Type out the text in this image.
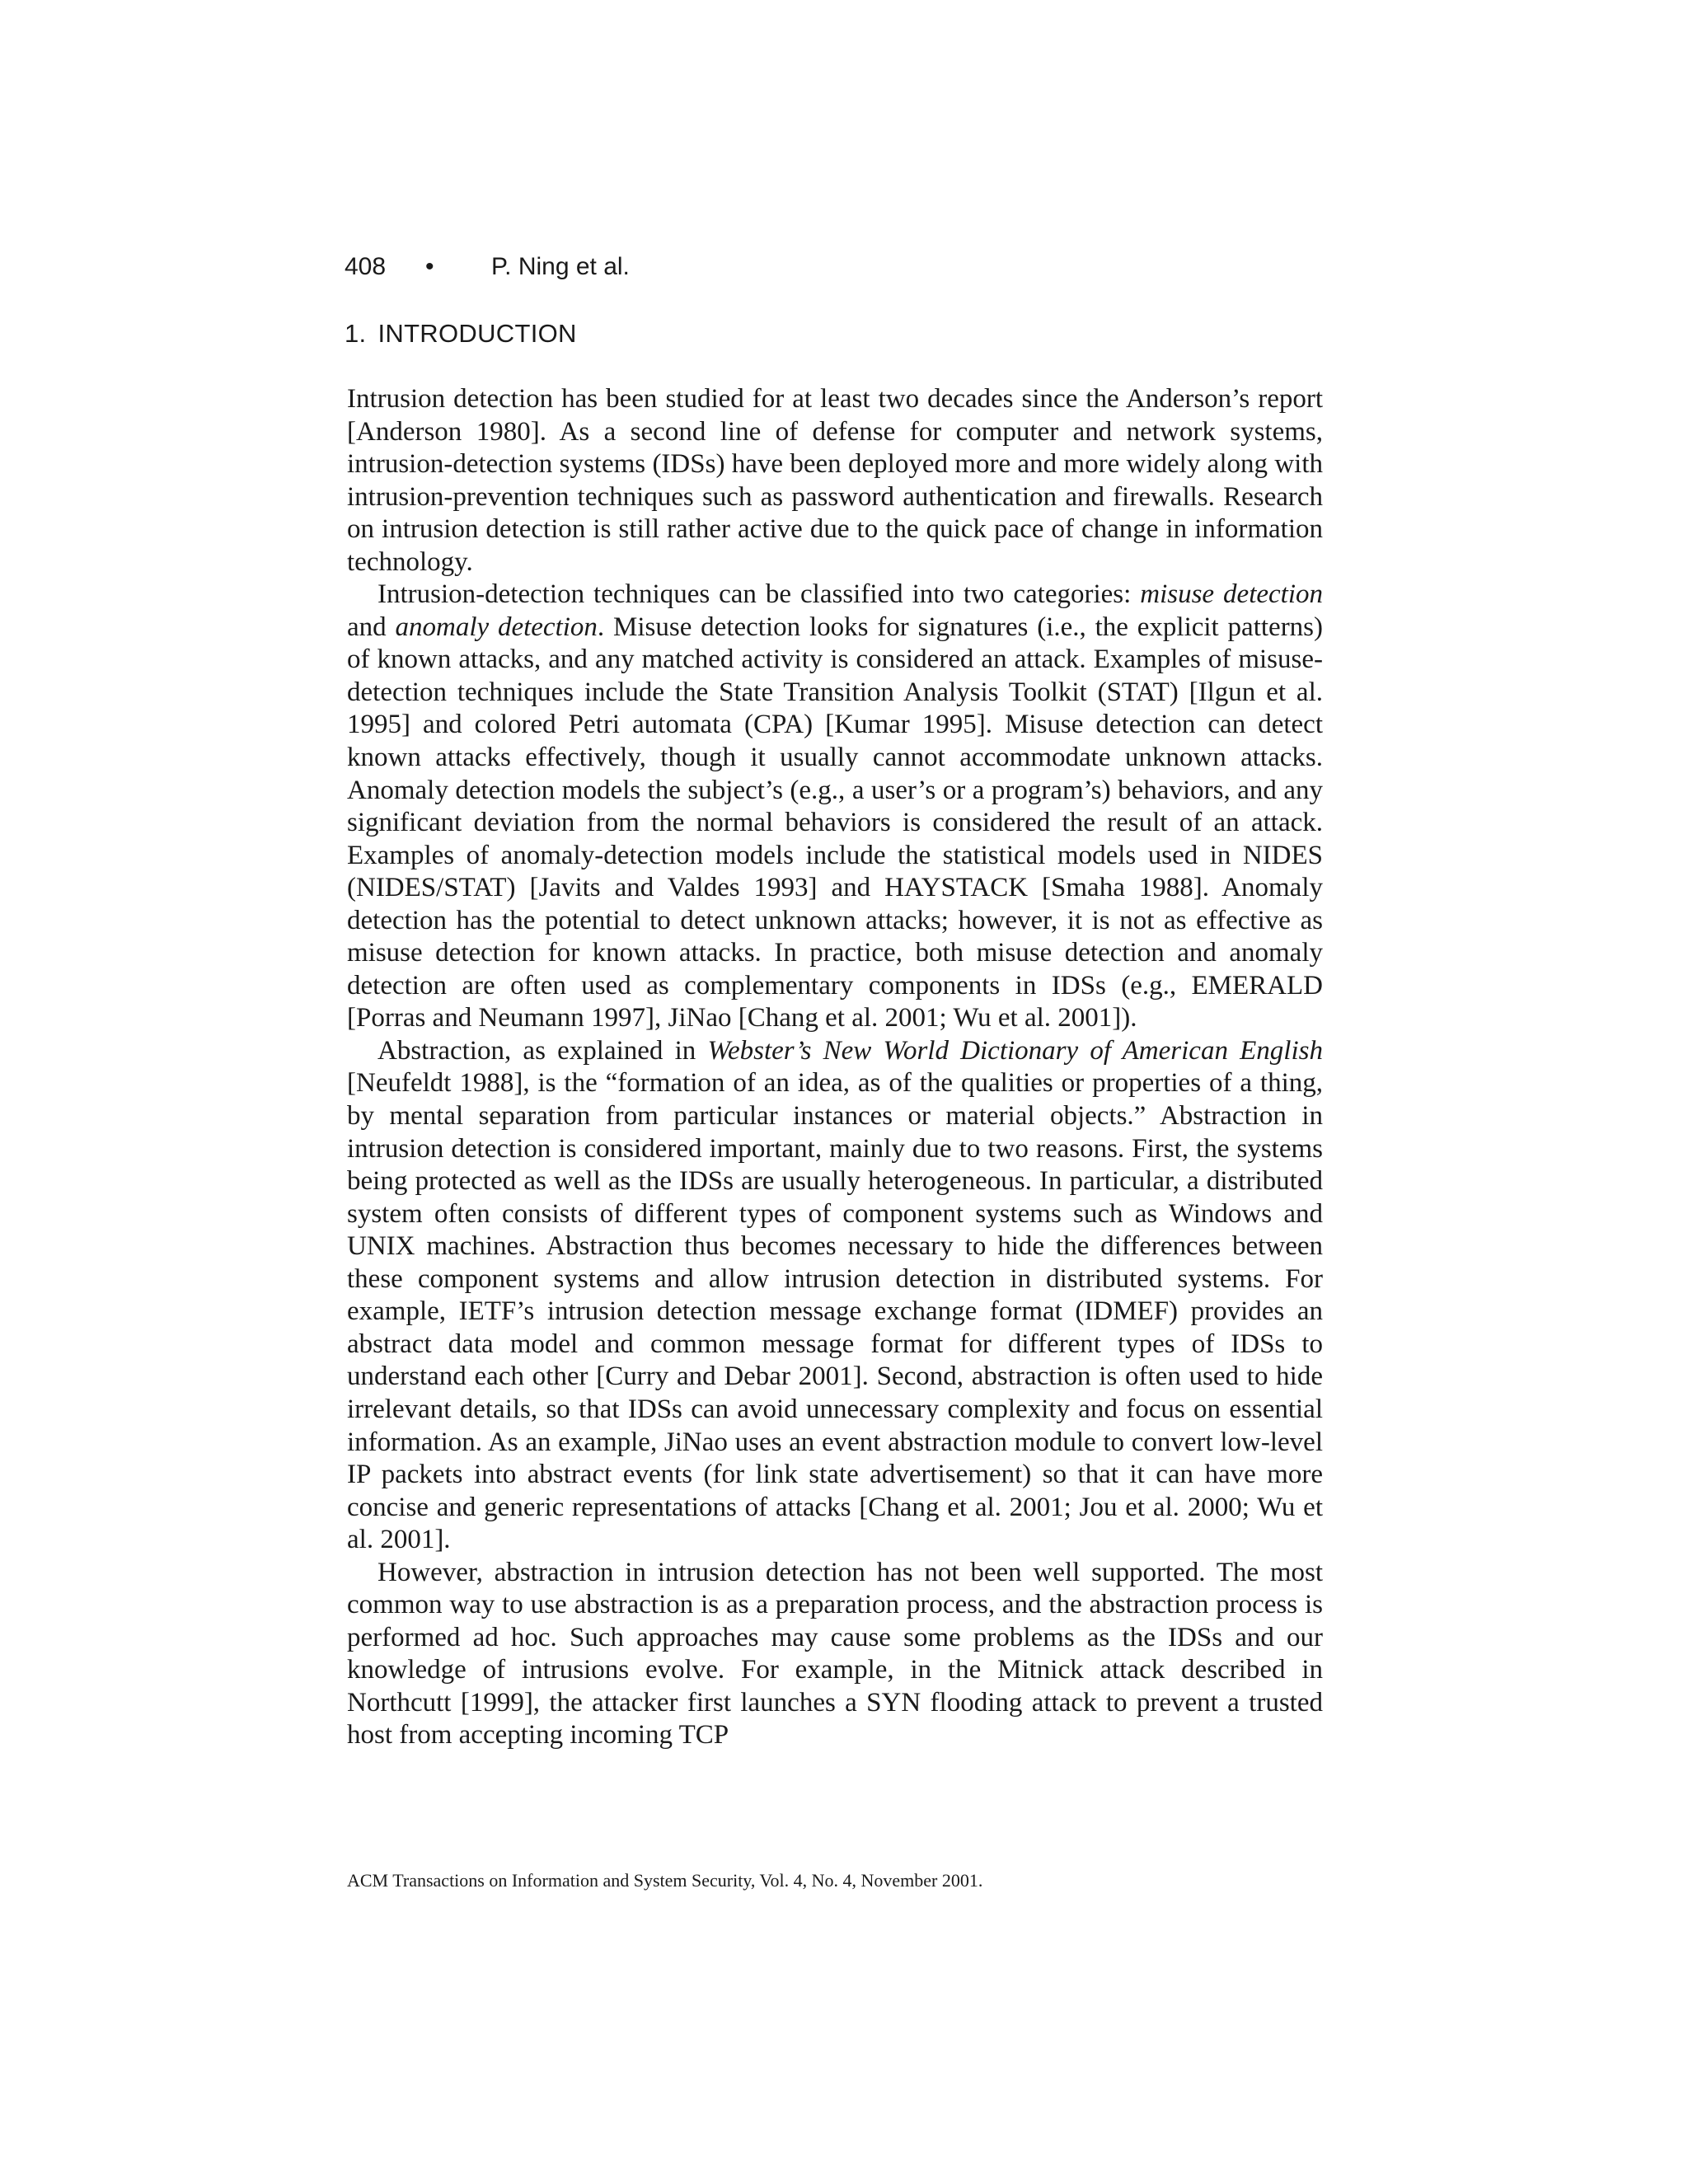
408 • P. Ning et al.
1. INTRODUCTION

Intrusion detection has been studied for at least two decades since the Anderson’s report [Anderson 1980]. As a second line of defense for computer and network systems, intrusion-detection systems (IDSs) have been deployed more and more widely along with intrusion-prevention techniques such as password authentication and firewalls. Research on intrusion detection is still rather active due to the quick pace of change in information technology.

Intrusion-detection techniques can be classified into two categories: misuse detection and anomaly detection. Misuse detection looks for signatures (i.e., the explicit patterns) of known attacks, and any matched activity is considered an attack. Examples of misuse-detection techniques include the State Transition Analysis Toolkit (STAT) [Ilgun et al. 1995] and colored Petri automata (CPA) [Kumar 1995]. Misuse detection can detect known attacks effectively, though it usually cannot accommodate unknown attacks. Anomaly detection models the subject’s (e.g., a user’s or a program’s) behaviors, and any significant deviation from the normal behaviors is considered the result of an attack. Examples of anomaly-detection models include the statistical models used in NIDES (NIDES/STAT) [Javits and Valdes 1993] and HAYSTACK [Smaha 1988]. Anomaly detection has the potential to detect unknown attacks; however, it is not as effective as misuse detection for known attacks. In practice, both misuse detection and anomaly detection are often used as complementary components in IDSs (e.g., EMERALD [Porras and Neumann 1997], JiNao [Chang et al. 2001; Wu et al. 2001]).

Abstraction, as explained in Webster’s New World Dictionary of American English [Neufeldt 1988], is the “formation of an idea, as of the qualities or properties of a thing, by mental separation from particular instances or material objects.” Abstraction in intrusion detection is considered important, mainly due to two reasons. First, the systems being protected as well as the IDSs are usually heterogeneous. In particular, a distributed system often consists of different types of component systems such as Windows and UNIX machines. Abstraction thus becomes necessary to hide the differences between these component systems and allow intrusion detection in distributed systems. For example, IETF’s intrusion detection message exchange format (IDMEF) provides an abstract data model and common message format for different types of IDSs to understand each other [Curry and Debar 2001]. Second, abstraction is often used to hide irrelevant details, so that IDSs can avoid unnecessary complexity and focus on essential information. As an example, JiNao uses an event abstraction module to convert low-level IP packets into abstract events (for link state advertisement) so that it can have more concise and generic representations of attacks [Chang et al. 2001; Jou et al. 2000; Wu et al. 2001].

However, abstraction in intrusion detection has not been well supported. The most common way to use abstraction is as a preparation process, and the abstraction process is performed ad hoc. Such approaches may cause some problems as the IDSs and our knowledge of intrusions evolve. For example, in the Mitnick attack described in Northcutt [1999], the attacker first launches a SYN flooding attack to prevent a trusted host from accepting incoming TCP

ACM Transactions on Information and System Security, Vol. 4, No. 4, November 2001.
